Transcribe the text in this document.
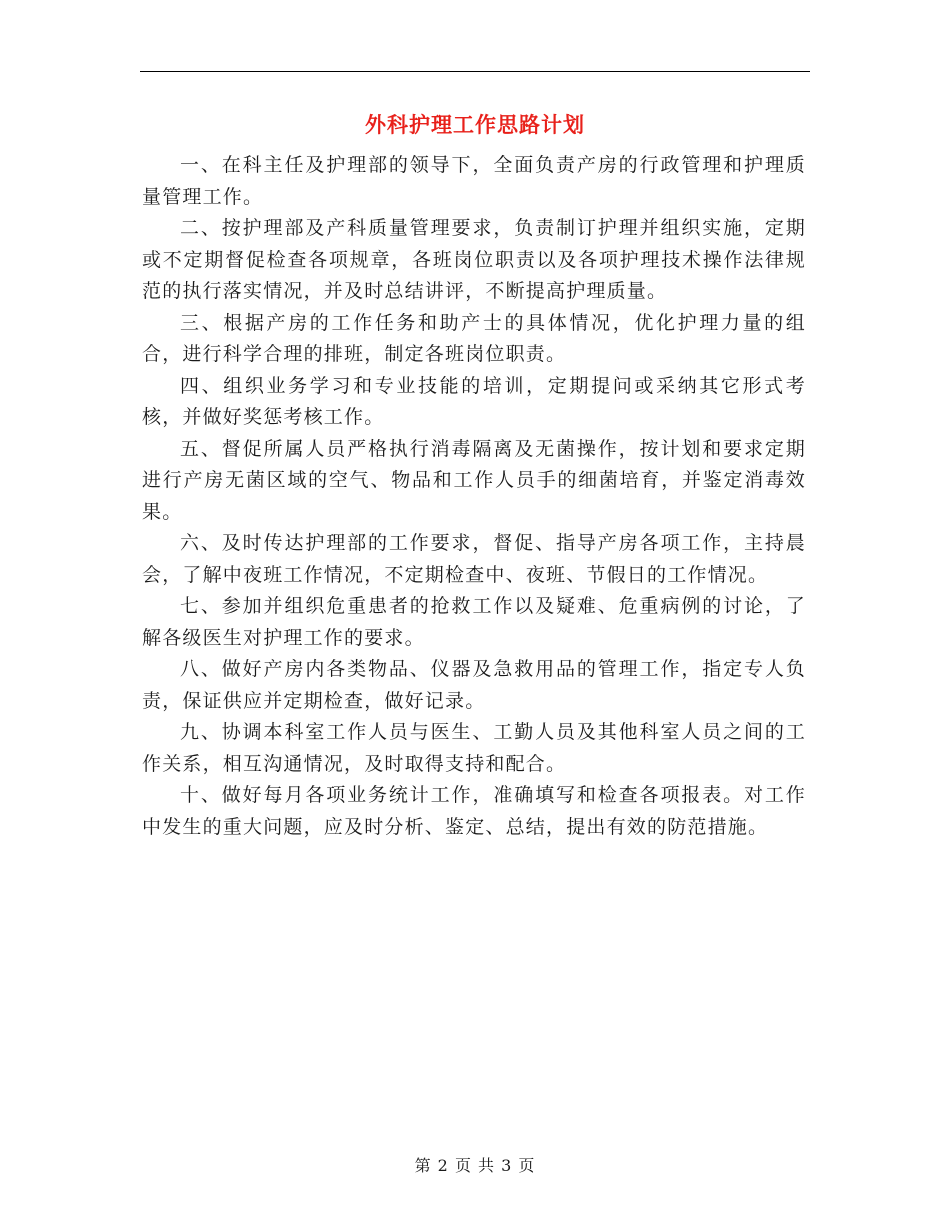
外科护理工作思路计划

一、在科主任及护理部的领导下，全面负责产房的行政管理和护理质量管理工作。

二、按护理部及产科质量管理要求，负责制订护理并组织实施，定期或不定期督促检查各项规章，各班岗位职责以及各项护理技术操作法律规范的执行落实情况，并及时总结讲评，不断提高护理质量。

三、根据产房的工作任务和助产士的具体情况，优化护理力量的组合，进行科学合理的排班，制定各班岗位职责。

四、组织业务学习和专业技能的培训，定期提问或采纳其它形式考核，并做好奖惩考核工作。

五、督促所属人员严格执行消毒隔离及无菌操作，按计划和要求定期进行产房无菌区域的空气、物品和工作人员手的细菌培育，并鉴定消毒效果。

六、及时传达护理部的工作要求，督促、指导产房各项工作，主持晨会，了解中夜班工作情况，不定期检查中、夜班、节假日的工作情况。

七、参加并组织危重患者的抢救工作以及疑难、危重病例的讨论，了解各级医生对护理工作的要求。

八、做好产房内各类物品、仪器及急救用品的管理工作，指定专人负责，保证供应并定期检查，做好记录。

九、协调本科室工作人员与医生、工勤人员及其他科室人员之间的工作关系，相互沟通情况，及时取得支持和配合。

十、做好每月各项业务统计工作，准确填写和检查各项报表。对工作中发生的重大问题，应及时分析、鉴定、总结，提出有效的防范措施。

第 2 页 共 3 页
